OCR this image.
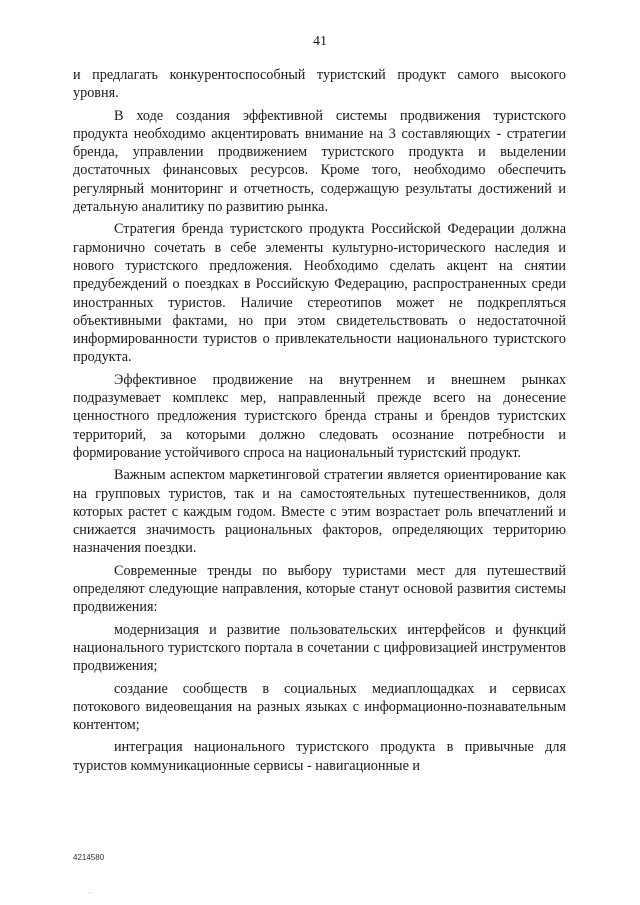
41

и предлагать конкурентоспособный туристский продукт самого высокого уровня.

В ходе создания эффективной системы продвижения туристского продукта необходимо акцентировать внимание на 3 составляющих - стратегии бренда, управлении продвижением туристского продукта и выделении достаточных финансовых ресурсов. Кроме того, необходимо обеспечить регулярный мониторинг и отчетность, содержащую результаты достижений и детальную аналитику по развитию рынка.

Стратегия бренда туристского продукта Российской Федерации должна гармонично сочетать в себе элементы культурно-исторического наследия и нового туристского предложения. Необходимо сделать акцент на снятии предубеждений о поездках в Российскую Федерацию, распространенных среди иностранных туристов. Наличие стереотипов может не подкрепляться объективными фактами, но при этом свидетельствовать о недостаточной информированности туристов о привлекательности национального туристского продукта.

Эффективное продвижение на внутреннем и внешнем рынках подразумевает комплекс мер, направленный прежде всего на донесение ценностного предложения туристского бренда страны и брендов туристских территорий, за которыми должно следовать осознание потребности и формирование устойчивого спроса на национальный туристский продукт.

Важным аспектом маркетинговой стратегии является ориентирование как на групповых туристов, так и на самостоятельных путешественников, доля которых растет с каждым годом. Вместе с этим возрастает роль впечатлений и снижается значимость рациональных факторов, определяющих территорию назначения поездки.

Современные тренды по выбору туристами мест для путешествий определяют следующие направления, которые станут основой развития системы продвижения:

модернизация и развитие пользовательских интерфейсов и функций национального туристского портала в сочетании с цифровизацией инструментов продвижения;

создание сообществ в социальных медиаплощадках и сервисах потокового видеовещания на разных языках с информационно-познавательным контентом;

интеграция национального туристского продукта в привычные для туристов коммуникационные сервисы - навигационные и

4214580
.
